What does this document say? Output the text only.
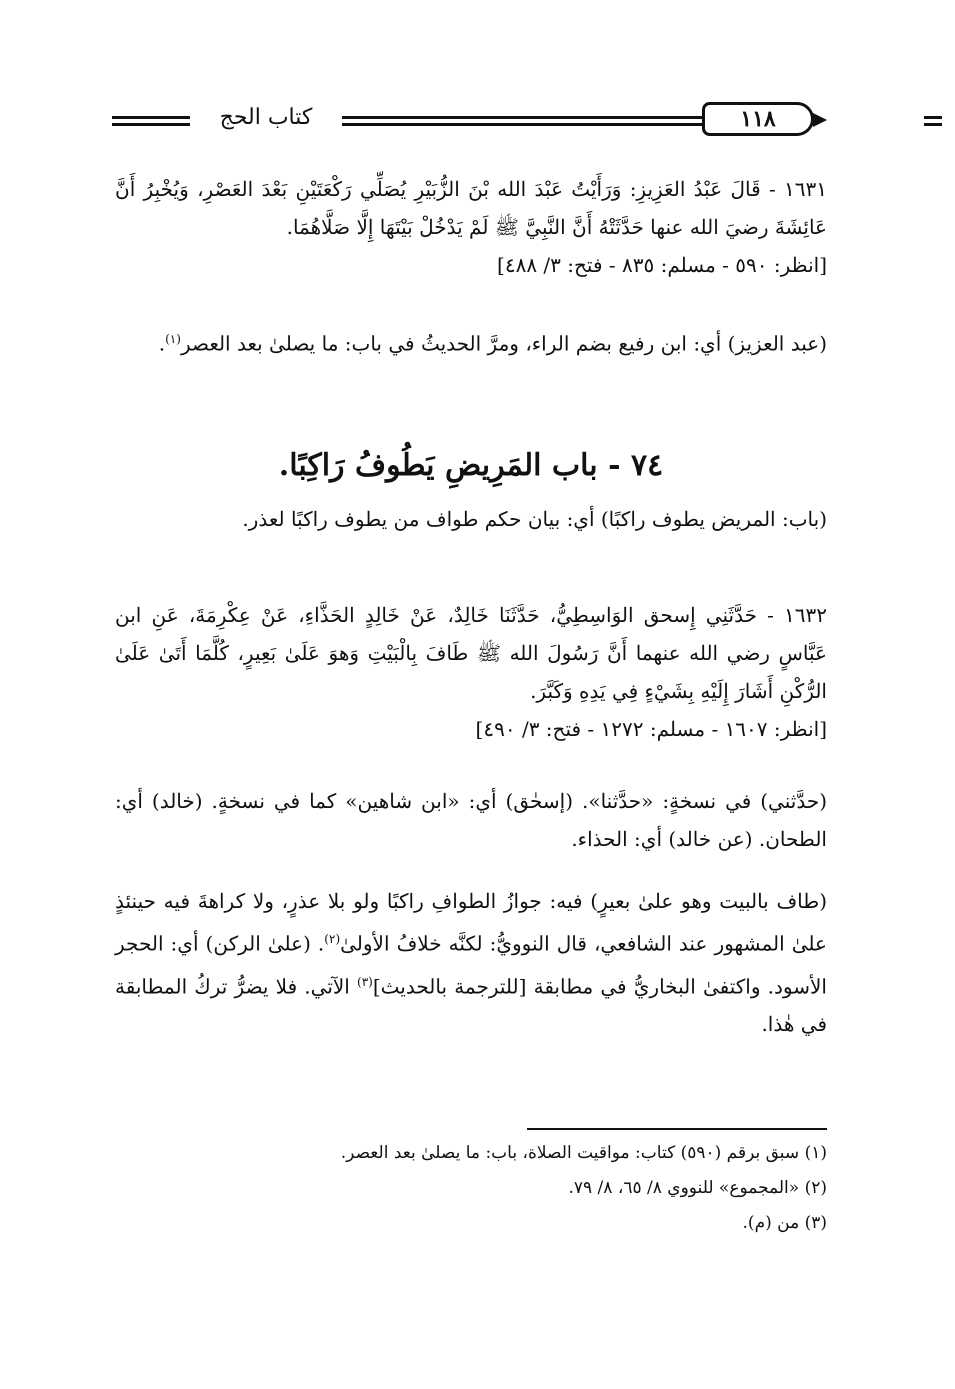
كتاب الحج	١١٨

١٦٣١ - قَالَ عَبْدُ العَزِيزِ: وَرَأَيْتُ عَبْدَ الله بْنَ الزُّبَيْرِ يُصَلِّي رَكْعَتَيْنِ بَعْدَ العَصْرِ، وَيُخْبِرُ أَنَّ عَائِشَةَ رضيَ الله عنها حَدَّثَتْهُ أَنَّ النَّبِيَّ ﷺ لَمْ يَدْخُلْ بَيْتَهَا إِلَّا صَلَّاهُمَا.

[انظر: ٥٩٠ - مسلم: ٨٣٥ - فتح: ٣/ ٤٨٨]

(عبد العزيز) أي: ابن رفيع بضم الراء، ومرَّ الحديثُ في باب: ما يصلىٰ بعد العصر$^{(١)}$.

٧٤ - باب المَرِيضِ يَطُوفُ رَاكِبًا.

(باب: المريض يطوف راكبًا) أي: بيان حكم طواف من يطوف راكبًا لعذر.

١٦٣٢ - حَدَّثَنِي إِسحق الوَاسِطِيُّ، حَدَّثَنَا خَالِدٌ، عَنْ خَالِدٍ الحَذَّاءِ، عَنْ عِكْرِمَةَ، عَنِ ابن عَبَّاسٍ رضي الله عنهما أَنَّ رَسُولَ الله ﷺ طَافَ بِالْبَيْتِ وَهوَ عَلَىٰ بَعِيرٍ، كُلَّمَا أَتَىٰ عَلَىٰ الرُّكْنِ أَشَارَ إِلَيْهِ بِشَيْءٍ فِي يَدِهِ وَكَبَّرَ.

[انظر: ١٦٠٧ - مسلم: ١٢٧٢ - فتح: ٣/ ٤٩٠]

(حدَّثني) في نسخةٍ: «حدَّثنا». (إسحٰق) أي: «ابن شاهين» كما في نسخةٍ. (خالد) أي: الطحان. (عن خالد) أي: الحذاء.

(طاف بالبيت وهو علىٰ بعيرٍ) فيه: جوازُ الطوافِ راكبًا ولو بلا عذرٍ، ولا كراهةَ فيه حينئذٍ علىٰ المشهور عند الشافعي، قال النوويُّ: لكنَّه خلافُ الأولىٰ$^{(٢)}$. (علىٰ الركن) أي: الحجر الأسود. واكتفىٰ البخاريُّ في مطابقة [للترجمة بالحديث]$^{(٣)}$ الآتي. فلا يضرُّ تركُ المطابقة في هٰذا.

(١) سبق برقم (٥٩٠) كتاب: مواقيت الصلاة، باب: ما يصلىٰ بعد العصر.

(٢) «المجموع» للنووي ٨/ ٦٥، ٨/ ٧٩.

(٣) من (م).
